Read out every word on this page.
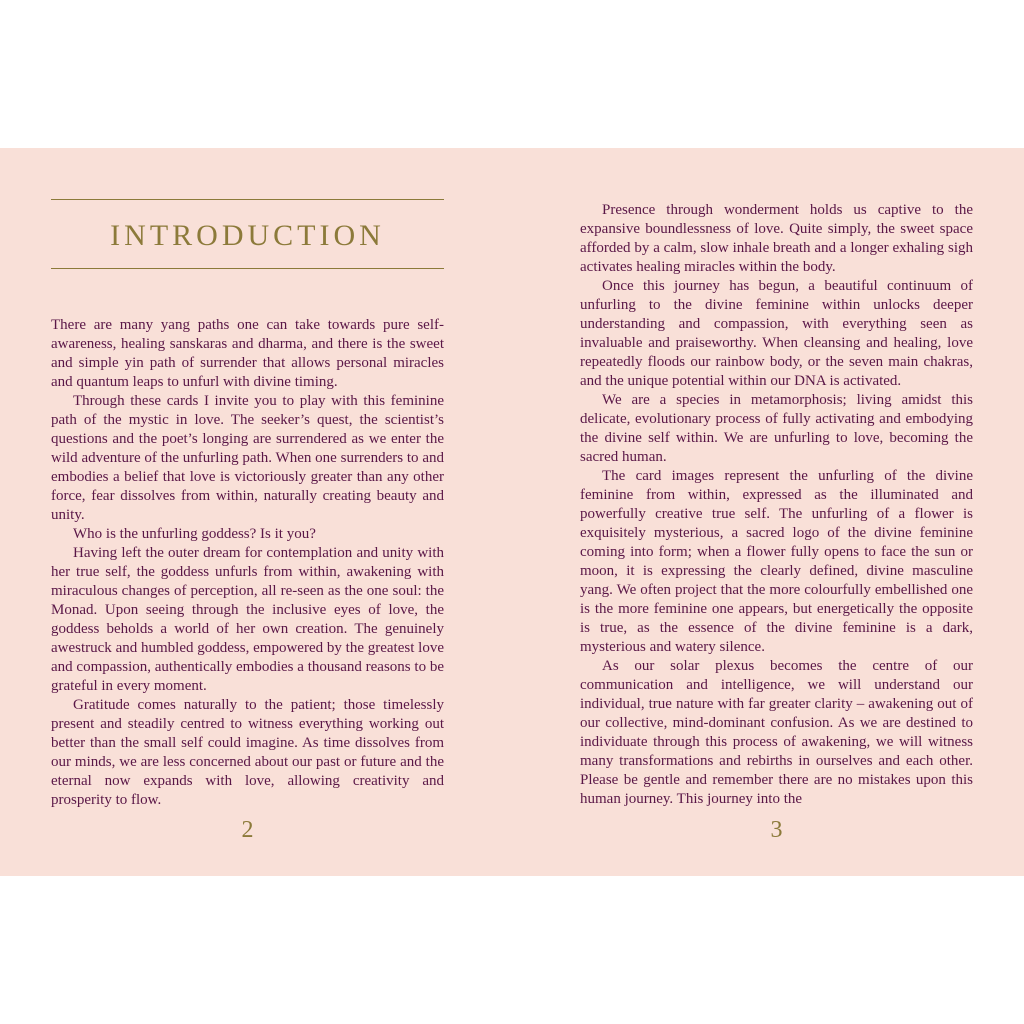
INTRODUCTION

There are many yang paths one can take towards pure self-awareness, healing sanskaras and dharma, and there is the sweet and simple yin path of surrender that allows personal miracles and quantum leaps to unfurl with divine timing.

Through these cards I invite you to play with this feminine path of the mystic in love. The seeker’s quest, the scientist’s questions and the poet’s longing are surrendered as we enter the wild adventure of the unfurling path. When one surrenders to and embodies a belief that love is victoriously greater than any other force, fear dissolves from within, naturally creating beauty and unity.

Who is the unfurling goddess? Is it you?

Having left the outer dream for contemplation and unity with her true self, the goddess unfurls from within, awakening with miraculous changes of perception, all re-seen as the one soul: the Monad. Upon seeing through the inclusive eyes of love, the goddess beholds a world of her own creation. The genuinely awestruck and humbled goddess, empowered by the greatest love and compassion, authentically embodies a thousand reasons to be grateful in every moment.

Gratitude comes naturally to the patient; those timelessly present and steadily centred to witness everything working out better than the small self could imagine. As time dissolves from our minds, we are less concerned about our past or future and the eternal now expands with love, allowing creativity and prosperity to flow.

2

Presence through wonderment holds us captive to the expansive boundlessness of love. Quite simply, the sweet space afforded by a calm, slow inhale breath and a longer exhaling sigh activates healing miracles within the body.

Once this journey has begun, a beautiful continuum of unfurling to the divine feminine within unlocks deeper understanding and compassion, with everything seen as invaluable and praiseworthy. When cleansing and healing, love repeatedly floods our rainbow body, or the seven main chakras, and the unique potential within our DNA is activated.

We are a species in metamorphosis; living amidst this delicate, evolutionary process of fully activating and embodying the divine self within. We are unfurling to love, becoming the sacred human.

The card images represent the unfurling of the divine feminine from within, expressed as the illuminated and powerfully creative true self. The unfurling of a flower is exquisitely mysterious, a sacred logo of the divine feminine coming into form; when a flower fully opens to face the sun or moon, it is expressing the clearly defined, divine masculine yang. We often project that the more colourfully embellished one is the more feminine one appears, but energetically the opposite is true, as the essence of the divine feminine is a dark, mysterious and watery silence.

As our solar plexus becomes the centre of our communication and intelligence, we will understand our individual, true nature with far greater clarity – awakening out of our collective, mind-dominant confusion. As we are destined to individuate through this process of awakening, we will witness many transformations and rebirths in ourselves and each other. Please be gentle and remember there are no mistakes upon this human journey. This journey into the

3
